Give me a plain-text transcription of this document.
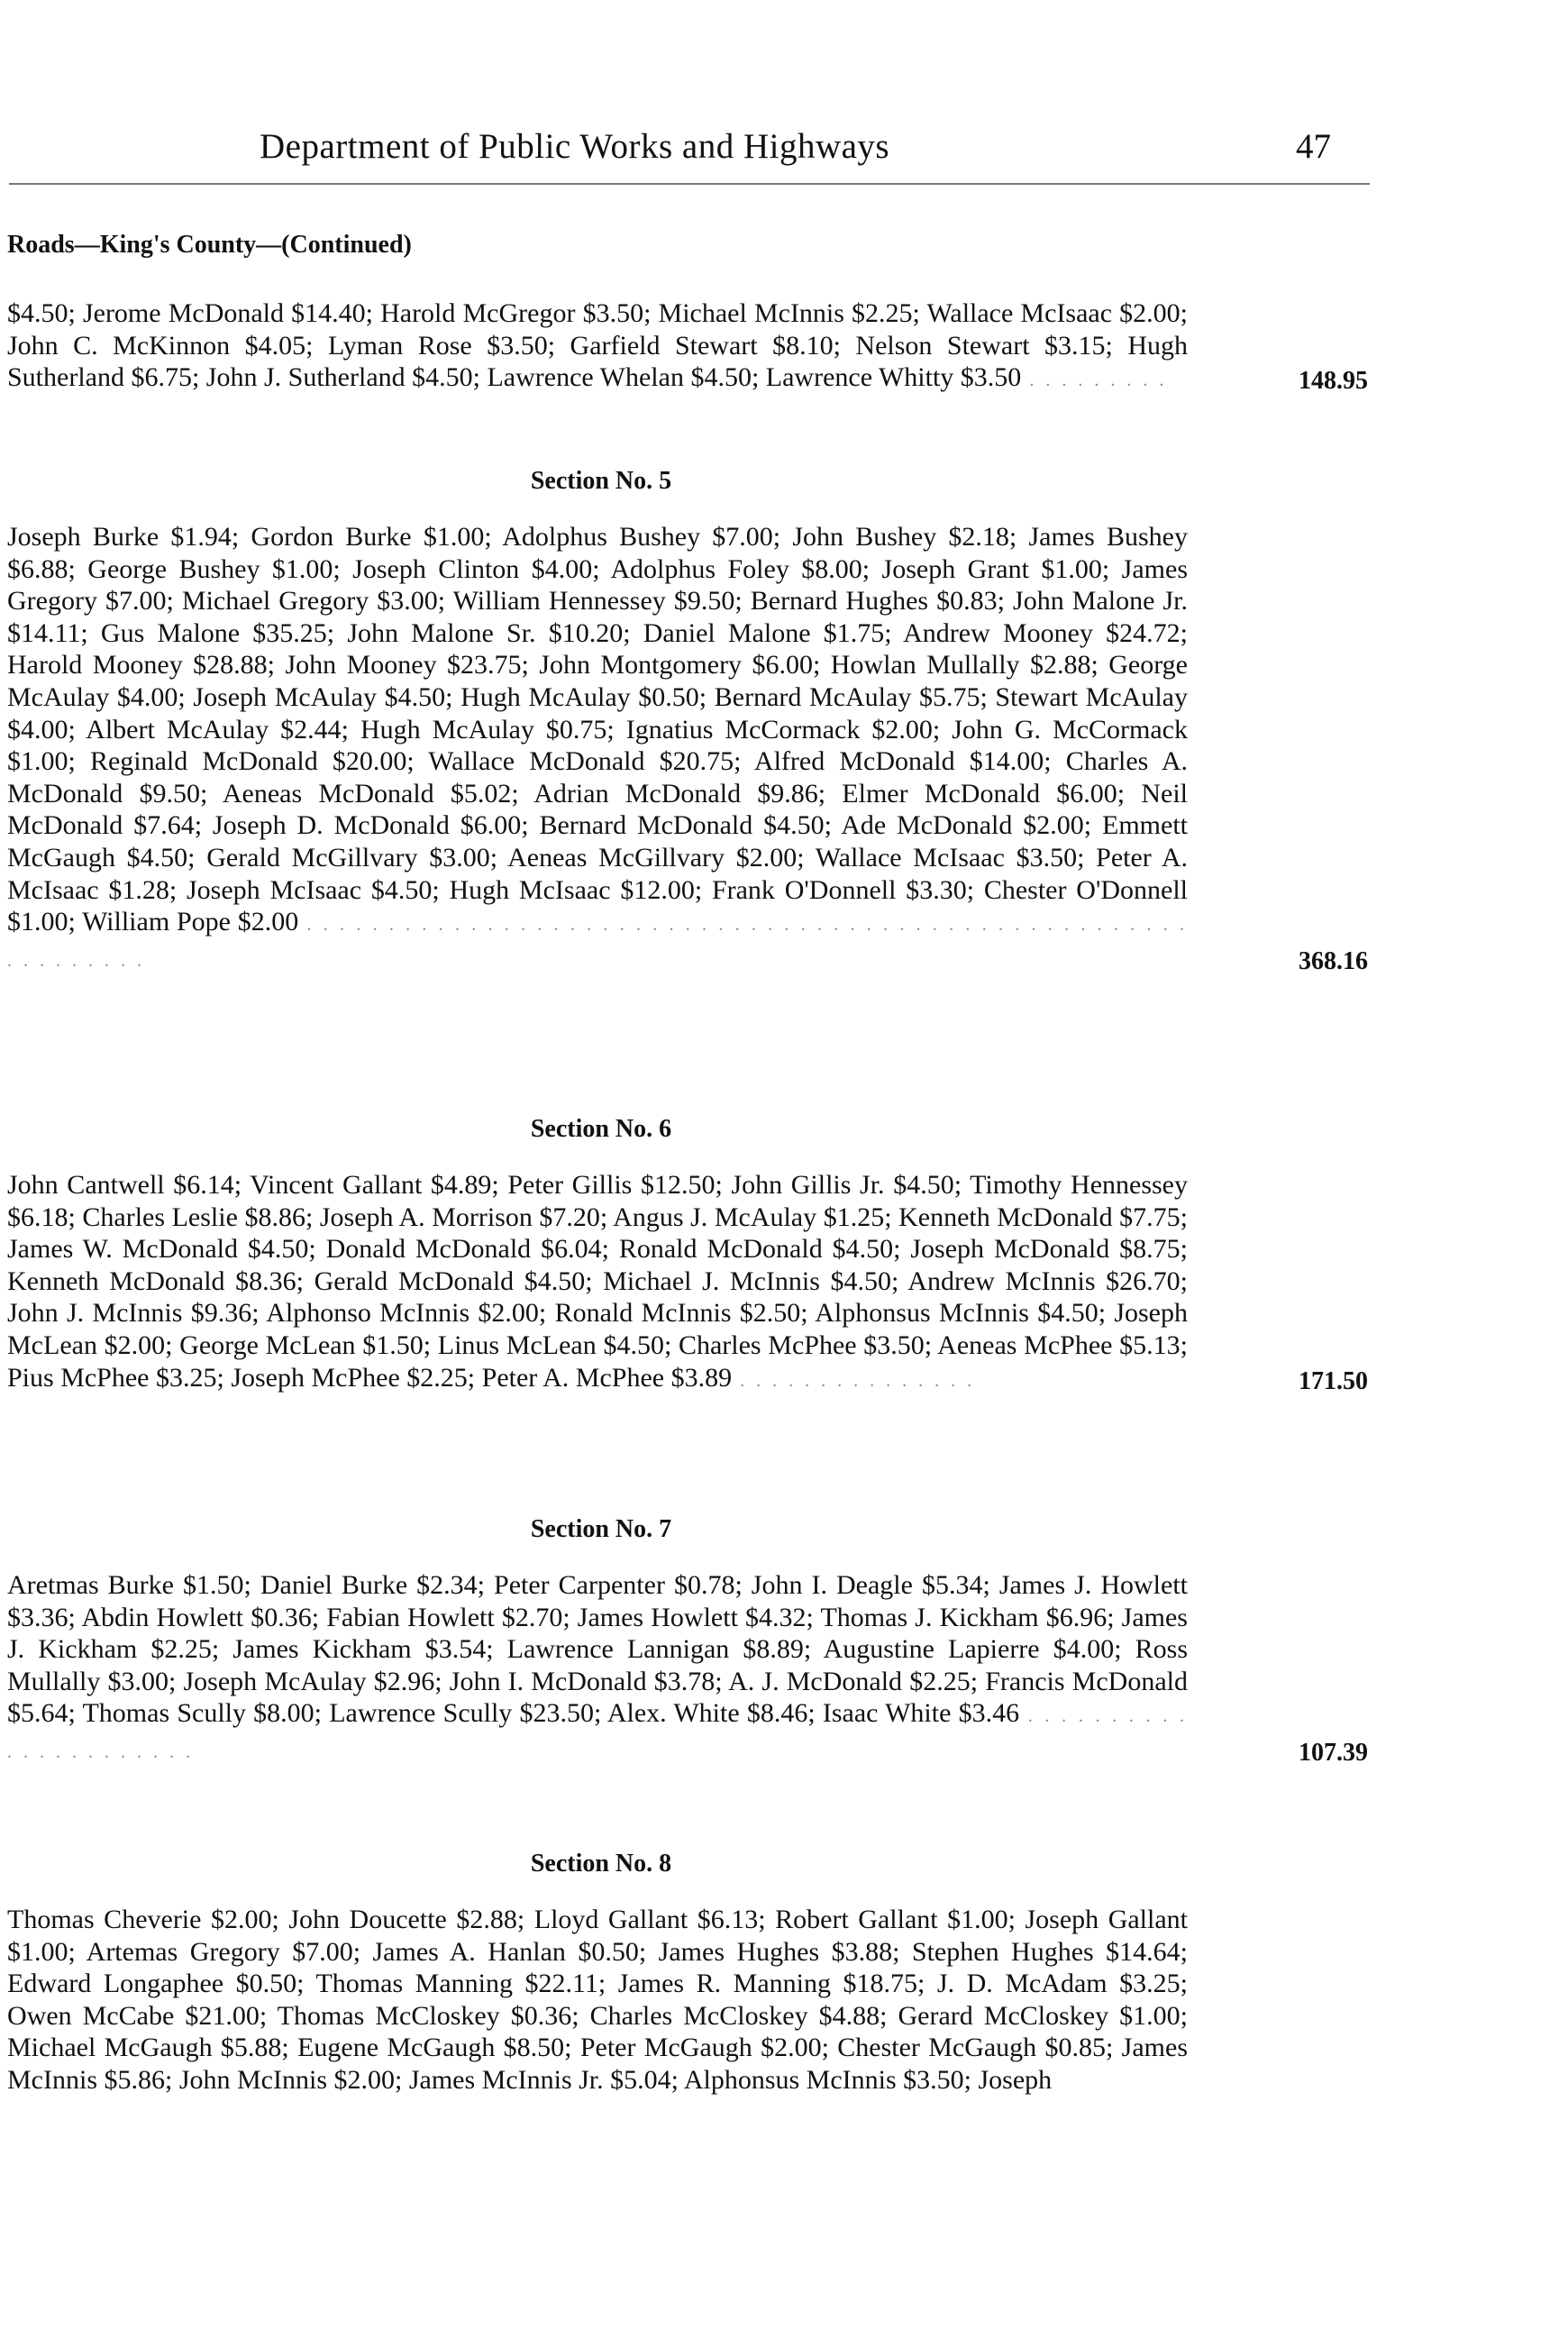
Department of Public Works and Highways	47
Roads—King's County—(Continued)
$4.50; Jerome McDonald $14.40; Harold McGregor $3.50; Michael McInnis $2.25; Wallace McIsaac $2.00; John C. McKinnon $4.05; Lyman Rose $3.50; Garfield Stewart $8.10; Nelson Stewart $3.15; Hugh Sutherland $6.75; John J. Sutherland $4.50; Lawrence Whelan $4.50; Lawrence Whitty $3.50 . . . . . . . . .	148.95
Section No. 5
Joseph Burke $1.94; Gordon Burke $1.00; Adolphus Bushey $7.00; John Bushey $2.18; James Bushey $6.88; George Bushey $1.00; Joseph Clinton $4.00; Adolphus Foley $8.00; Joseph Grant $1.00; James Gregory $7.00; Michael Gregory $3.00; William Hennessey $9.50; Bernard Hughes $0.83; John Malone Jr. $14.11; Gus Malone $35.25; John Malone Sr. $10.20; Daniel Malone $1.75; Andrew Mooney $24.72; Harold Mooney $28.88; John Mooney $23.75; John Montgomery $6.00; Howlan Mullally $2.88; George McAulay $4.00; Joseph McAulay $4.50; Hugh McAulay $0.50; Bernard McAulay $5.75; Stewart McAulay $4.00; Albert McAulay $2.44; Hugh McAulay $0.75; Ignatius McCormack $2.00; John G. McCormack $1.00; Reginald McDonald $20.00; Wallace McDonald $20.75; Alfred McDonald $14.00; Charles A. McDonald $9.50; Aeneas McDonald $5.02; Adrian McDonald $9.86; Elmer McDonald $6.00; Neil McDonald $7.64; Joseph D. McDonald $6.00; Bernard McDonald $4.50; Ade McDonald $2.00; Emmett McGaugh $4.50; Gerald McGillvary $3.00; Aeneas McGillvary $2.00; Wallace McIsaac $3.50; Peter A. McIsaac $1.28; Joseph McIsaac $4.50; Hugh McIsaac $12.00; Frank O'Donnell $3.30; Chester O'Donnell $1.00; William Pope $2.00 . . . . . . . . . . . . . . . . . . . . . . . . . . . . . . . . . . . . . . . . . . . . . . . . . . . . . . . . . . . . . . .	368.16
Section No. 6
John Cantwell $6.14; Vincent Gallant $4.89; Peter Gillis $12.50; John Gillis Jr. $4.50; Timothy Hennessey $6.18; Charles Leslie $8.86; Joseph A. Morrison $7.20; Angus J. McAulay $1.25; Kenneth McDonald $7.75; James W. McDonald $4.50; Donald McDonald $6.04; Ronald McDonald $4.50; Joseph McDonald $8.75; Kenneth McDonald $8.36; Gerald McDonald $4.50; Michael J. McInnis $4.50; Andrew McInnis $26.70; John J. McInnis $9.36; Alphonso McInnis $2.00; Ronald McInnis $2.50; Alphonsus McInnis $4.50; Joseph McLean $2.00; George McLean $1.50; Linus McLean $4.50; Charles McPhee $3.50; Aeneas McPhee $5.13; Pius McPhee $3.25; Joseph McPhee $2.25; Peter A. McPhee $3.89 . . . . . . . . . . . . . . .	171.50
Section No. 7
Aretmas Burke $1.50; Daniel Burke $2.34; Peter Carpenter $0.78; John I. Deagle $5.34; James J. Howlett $3.36; Abdin Howlett $0.36; Fabian Howlett $2.70; James Howlett $4.32; Thomas J. Kickham $6.96; James J. Kickham $2.25; James Kickham $3.54; Lawrence Lannigan $8.89; Augustine Lapierre $4.00; Ross Mullally $3.00; Joseph McAulay $2.96; John I. McDonald $3.78; A. J. McDonald $2.25; Francis McDonald $5.64; Thomas Scully $8.00; Lawrence Scully $23.50; Alex. White $8.46; Isaac White $3.46 . . . . . . . . . . . . . . . . . . . . . .	107.39
Section No. 8
Thomas Cheverie $2.00; John Doucette $2.88; Lloyd Gallant $6.13; Robert Gallant $1.00; Joseph Gallant $1.00; Artemas Gregory $7.00; James A. Hanlan $0.50; James Hughes $3.88; Stephen Hughes $14.64; Edward Longaphee $0.50; Thomas Manning $22.11; James R. Manning $18.75; J. D. McAdam $3.25; Owen McCabe $21.00; Thomas McCloskey $0.36; Charles McCloskey $4.88; Gerard McCloskey $1.00; Michael McGaugh $5.88; Eugene McGaugh $8.50; Peter McGaugh $2.00; Chester McGaugh $0.85; James McInnis $5.86; John McInnis $2.00; James McInnis Jr. $5.04; Alphonsus McInnis $3.50; Joseph
